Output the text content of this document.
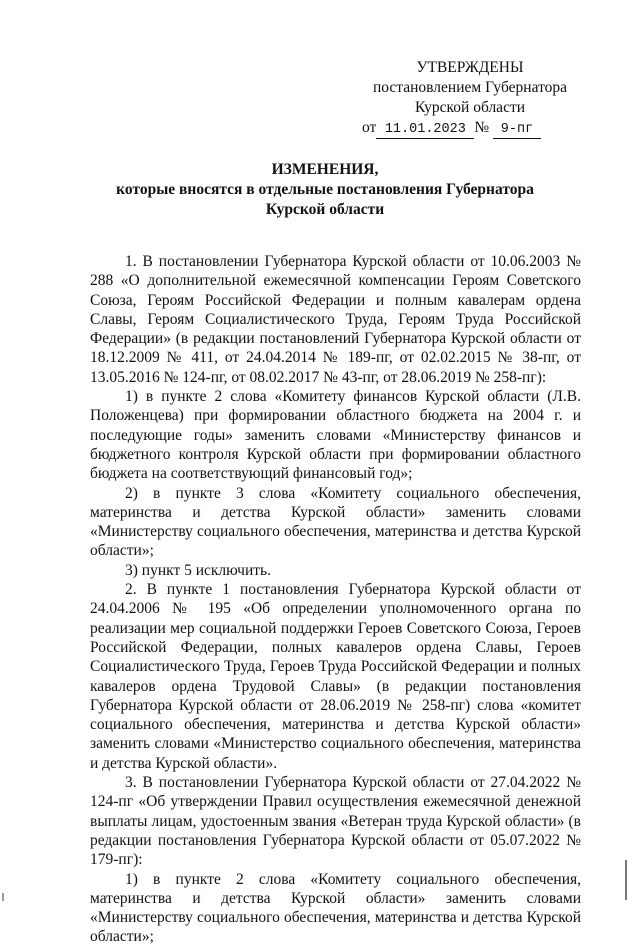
УТВЕРЖДЕНЫ
постановлением Губернатора
Курской области
от 11.01.2023 № 9-пг
ИЗМЕНЕНИЯ,
которые вносятся в отдельные постановления Губернатора
Курской области

1. В постановлении Губернатора Курской области от 10.06.2003 № 288 «О дополнительной ежемесячной компенсации Героям Советского Союза, Героям Российской Федерации и полным кавалерам ордена Славы, Героям Социалистического Труда, Героям Труда Российской Федерации» (в редакции постановлений Губернатора Курской области от 18.12.2009 № 411, от 24.04.2014 № 189-пг, от 02.02.2015 № 38-пг, от 13.05.2016 № 124-пг, от 08.02.2017 № 43-пг, от 28.06.2019 № 258-пг):

1) в пункте 2 слова «Комитету финансов Курской области (Л.В. Положенцева) при формировании областного бюджета на 2004 г. и последующие годы» заменить словами «Министерству финансов и бюджетного контроля Курской области при формировании областного бюджета на соответствующий финансовый год»;

2) в пункте 3 слова «Комитету социального обеспечения, материнства и детства Курской области» заменить словами «Министерству социального обеспечения, материнства и детства Курской области»;

3) пункт 5 исключить.

2. В пункте 1 постановления Губернатора Курской области от 24.04.2006 № 195 «Об определении уполномоченного органа по реализации мер социальной поддержки Героев Советского Союза, Героев Российской Федерации, полных кавалеров ордена Славы, Героев Социалистического Труда, Героев Труда Российской Федерации и полных кавалеров ордена Трудовой Славы» (в редакции постановления Губернатора Курской области от 28.06.2019 № 258-пг) слова «комитет социального обеспечения, материнства и детства Курской области» заменить словами «Министерство социального обеспечения, материнства и детства Курской области».

3. В постановлении Губернатора Курской области от 27.04.2022 № 124-пг «Об утверждении Правил осуществления ежемесячной денежной выплаты лицам, удостоенным звания «Ветеран труда Курской области» (в редакции постановления Губернатора Курской области от 05.07.2022 № 179-пг):

1) в пункте 2 слова «Комитету социального обеспечения, материнства и детства Курской области» заменить словами «Министерству социального обеспечения, материнства и детства Курской области»;
